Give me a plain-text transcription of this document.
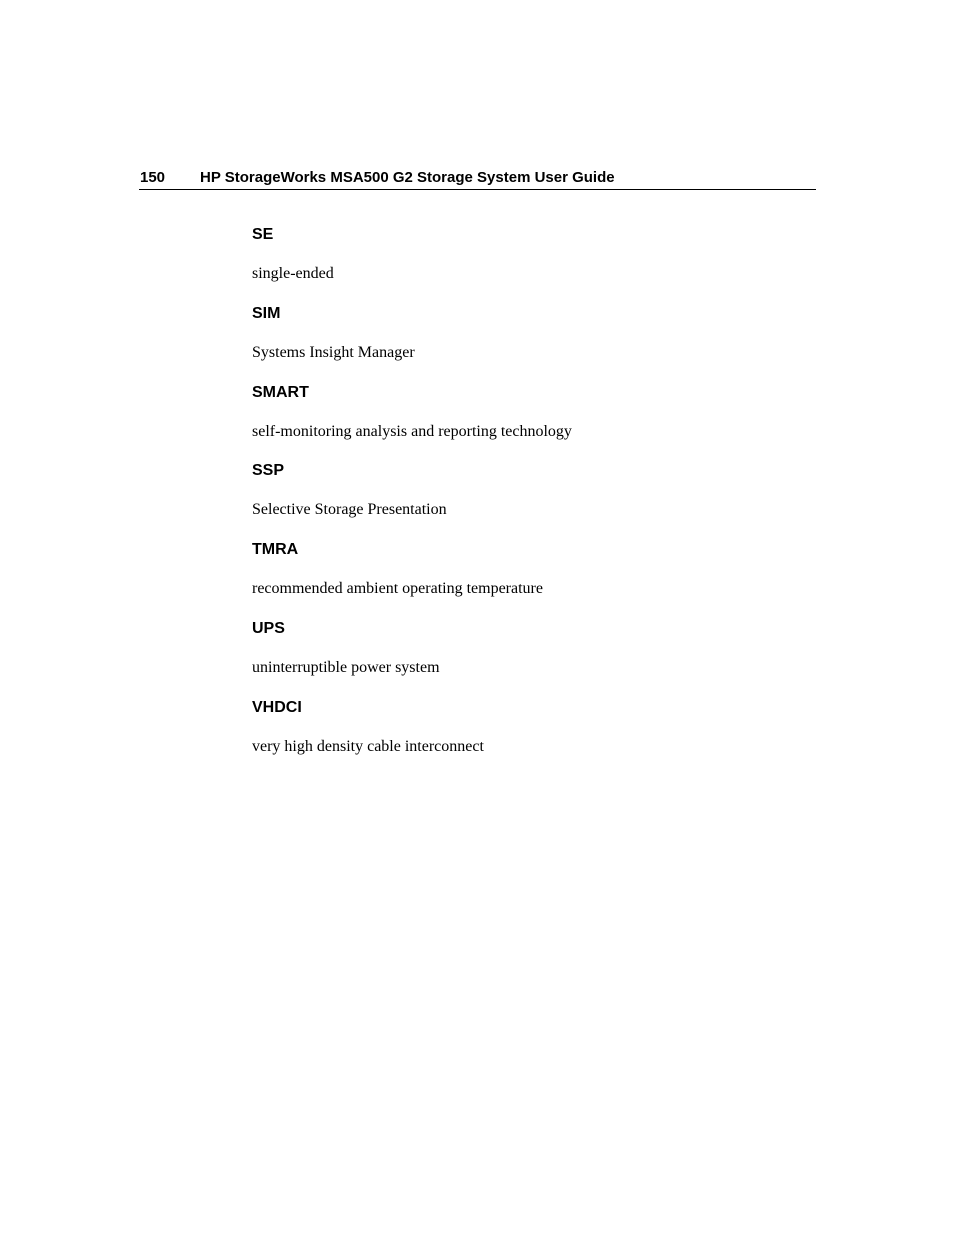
150 HP StorageWorks MSA500 G2 Storage System User Guide
SE
single-ended
SIM
Systems Insight Manager
SMART
self-monitoring analysis and reporting technology
SSP
Selective Storage Presentation
TMRA
recommended ambient operating temperature
UPS
uninterruptible power system
VHDCI
very high density cable interconnect
